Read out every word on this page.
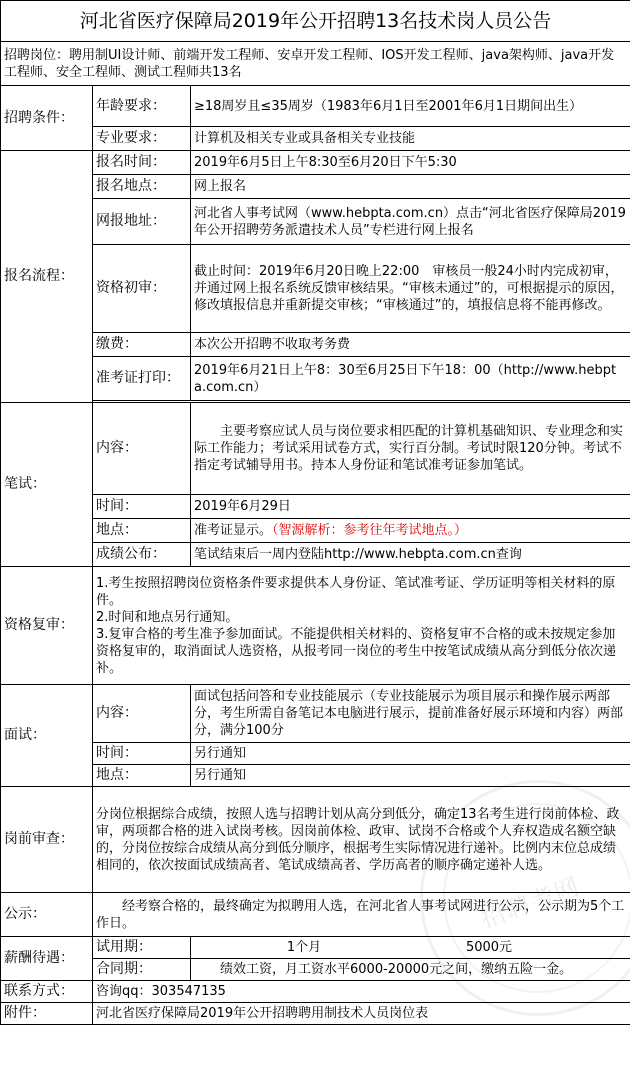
河北省医疗保障局2019年公开招聘13名技术岗人员公告		
招聘岗位：聘用制UI设计师、前端开发工程师、安卓开发工程师、IOS开发工程师、java架构师、java开发工程师、安全工程师、测试工程师共13名		
招聘条件：	年龄要求：	≥18周岁且≤35周岁（1983年6月1日至2001年6月1日期间出生）
	专业要求：	计算机及相关专业或具备相关专业技能
报名流程：	报名时间：	2019年6月5日上午8:30至6月20日下午5:30
	报名地点：	网上报名
	网报地址：	河北省人事考试网（www.hebpta.com.cn）点击“河北省医疗保障局2019年公开招聘劳务派遣技术人员”专栏进行网上报名
	资格初审：	截止时间：2019年6月20日晚上22:00　审核员一般24小时内完成初审，并通过网上报名系统反馈审核结果。“审核未通过”的，可根据提示的原因，修改填报信息并重新提交审核；“审核通过”的，填报信息将不能再修改。
	缴费：	本次公开招聘不收取考务费
	准考证打印：	2019年6月21日上午8：30至6月25日下午18：00（http://www.hebpta.com.cn）

笔试：	内容：	主要考察应试人员与岗位要求相匹配的计算机基础知识、专业理念和实际工作能力；考试采用试卷方式，实行百分制。考试时限120分钟。考试不指定考试辅导用书。持本人身份证和笔试准考证参加笔试。
	时间：	2019年6月29日
	地点：	准考证显示。（智源解析：参考往年考试地点。）
	成绩公布：	笔试结束后一周内登陆http://www.hebpta.com.cn查询
资格复审：	1.考生按照招聘岗位资格条件要求提供本人身份证、笔试准考证、学历证明等相关材料的原件。
2.时间和地点另行通知。
3.复审合格的考生准予参加面试。不能提供相关材料的、资格复审不合格的或未按规定参加资格复审的，取消面试人选资格，从报考同一岗位的考生中按笔试成绩从高分到低分依次递补。	

面试：	内容：	面试包括问答和专业技能展示（专业技能展示为项目展示和操作展示两部分，考生所需自备笔记本电脑进行展示，提前准备好展示环境和内容）两部分，满分100分
	时间：	另行通知
	地点：	另行通知
岗前审查：	分岗位根据综合成绩，按照人选与招聘计划从高分到低分，确定13名考生进行岗前体检、政审，两项都合格的进入试岗考核。因岗前体检、政审、试岗不合格或个人弃权造成名额空缺的，分岗位按综合成绩从高分到低分顺序，根据考生实际情况进行递补。比例内末位总成绩相同的，依次按面试成绩高者、笔试成绩高者、学历高者的顺序确定递补人选。	
公示：	经考察合格的，最终确定为拟聘用人选，在河北省人事考试网进行公示，公示期为5个工作日。	
薪酬待遇：	试用期：	1个月 5000元
	合同期：	绩效工资，月工资水平6000-20000元之间，缴纳五险一金。
联系方式：	咨询qq：303547135	
附件：	河北省医疗保障局2019年公开招聘聘用制技术人员岗位表	
招聘考网
